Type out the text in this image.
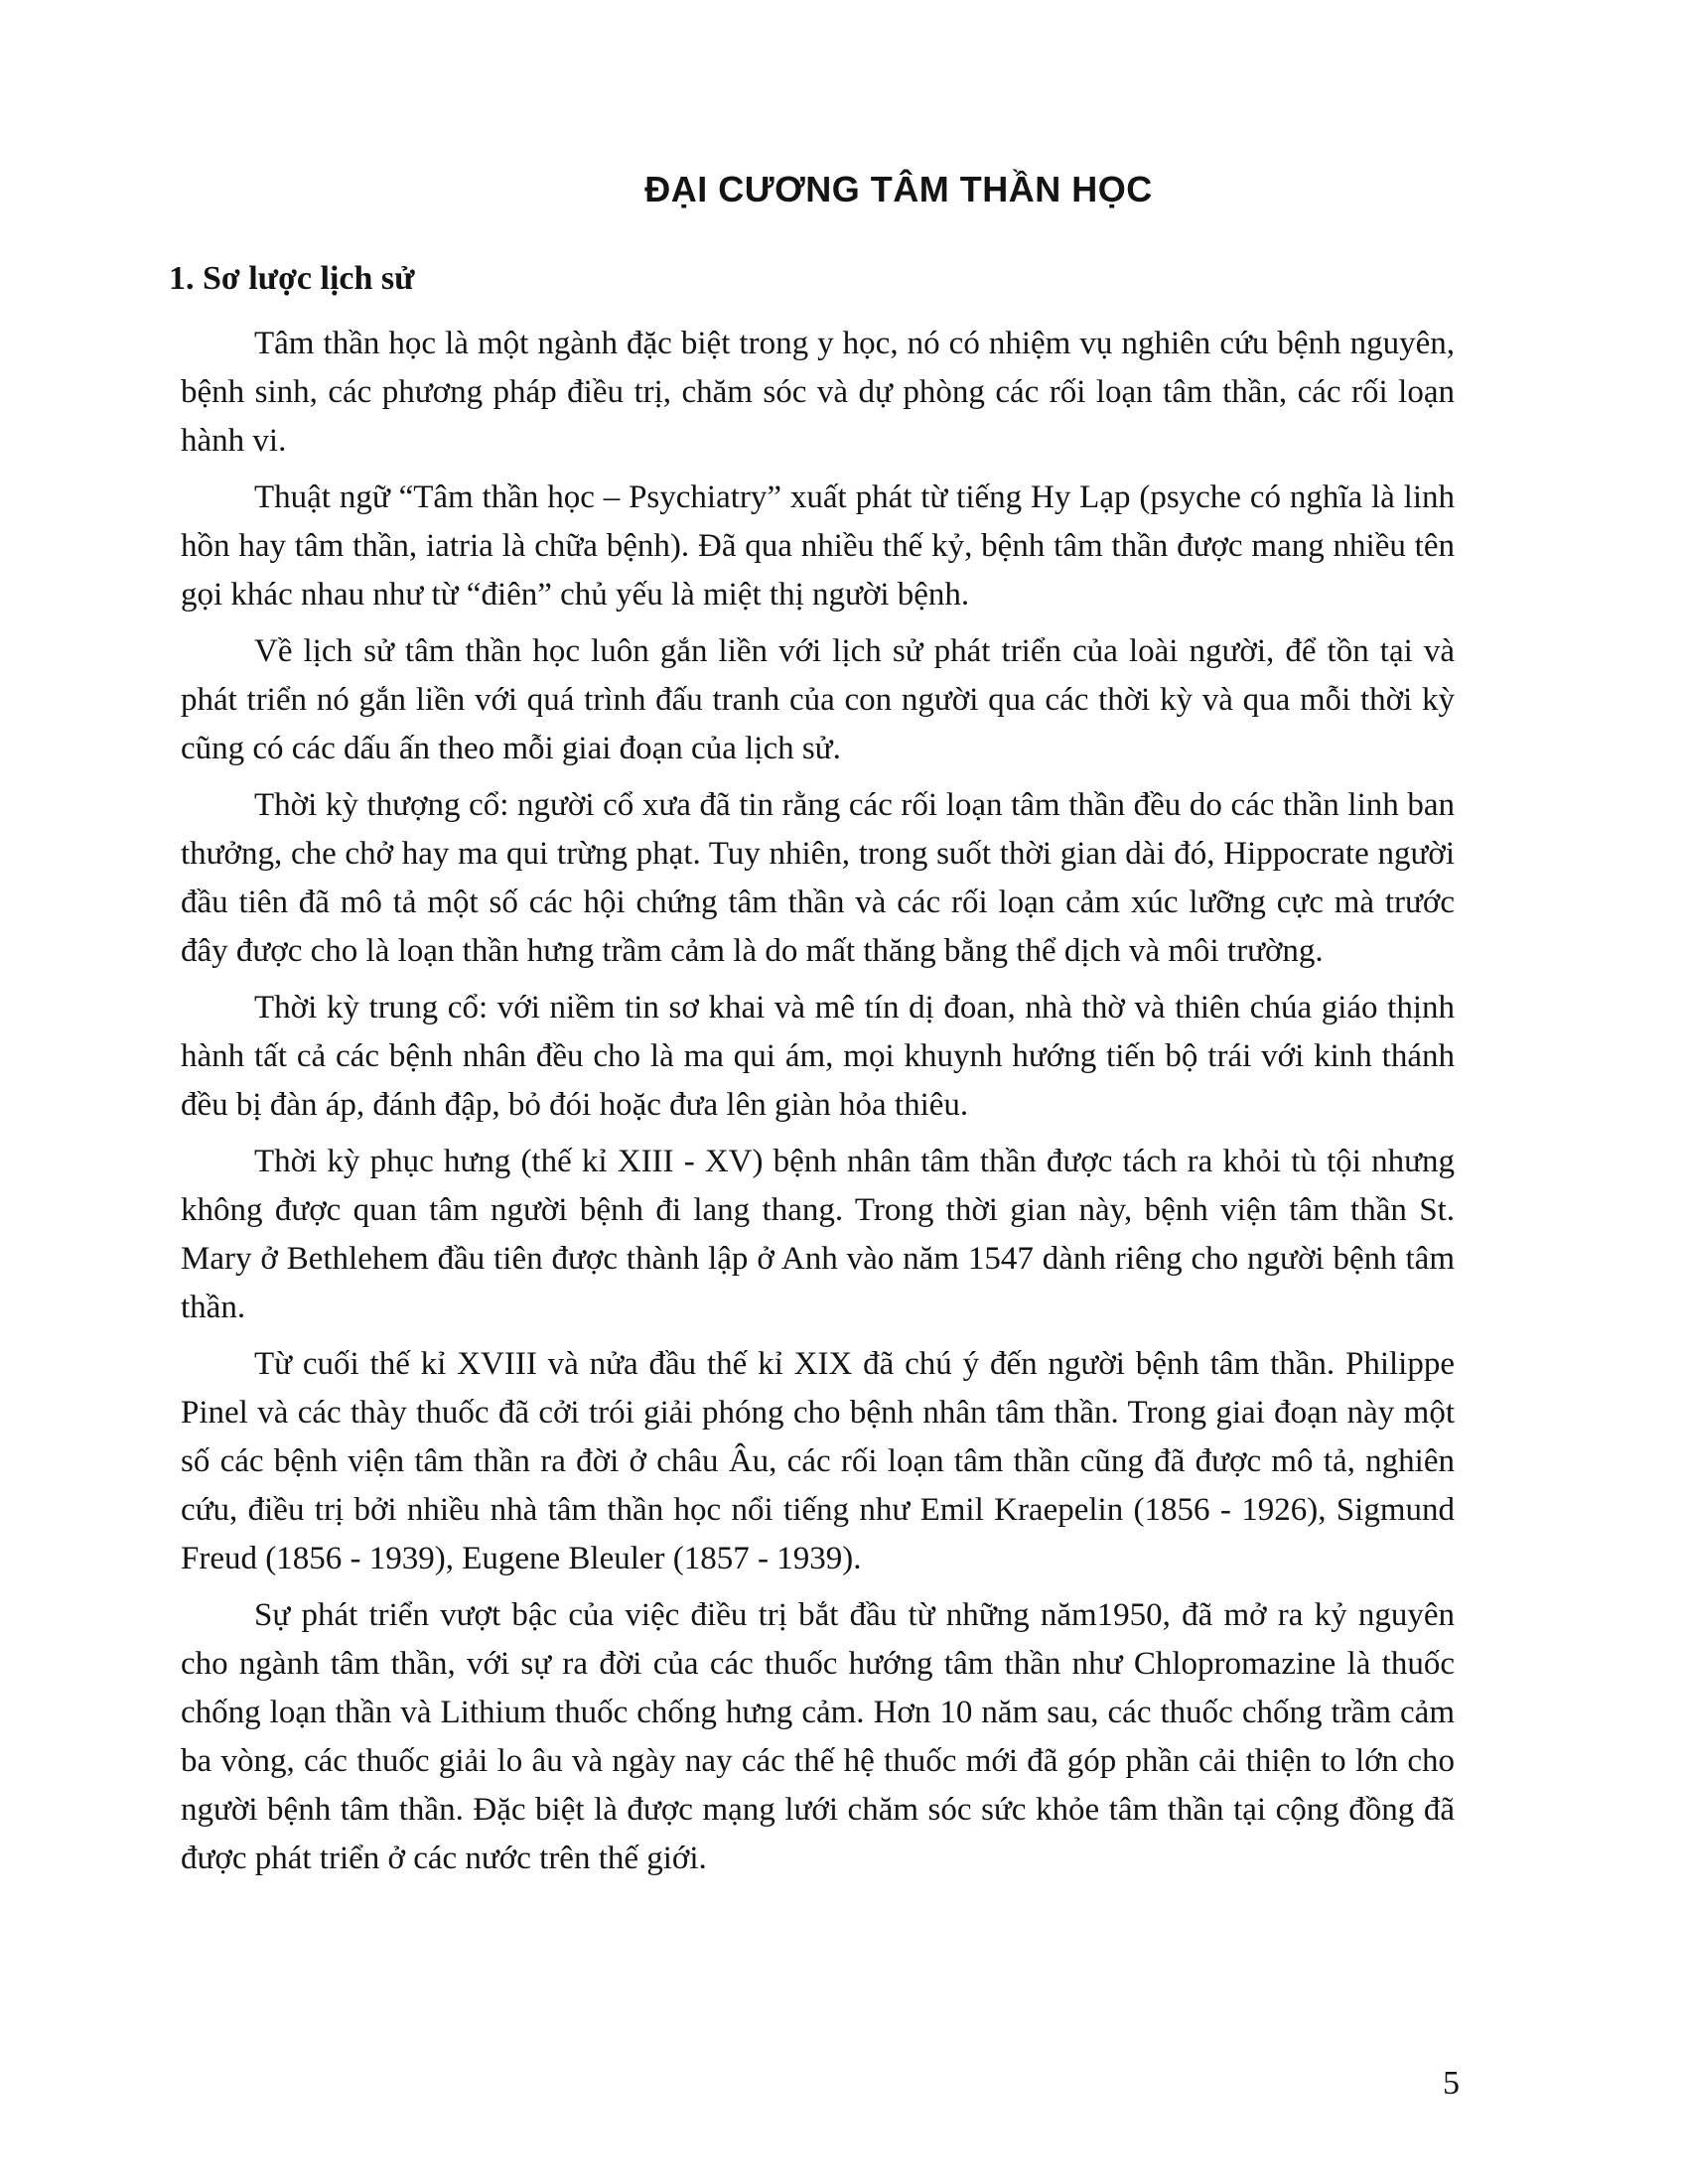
ĐẠI CƯƠNG TÂM THẦN HỌC
1. Sơ lược lịch sử

Tâm thần học là một ngành đặc biệt trong y học, nó có nhiệm vụ nghiên cứu bệnh nguyên, bệnh sinh, các phương pháp điều trị, chăm sóc và dự phòng các rối loạn tâm thần, các rối loạn hành vi.

Thuật ngữ “Tâm thần học – Psychiatry” xuất phát từ tiếng Hy Lạp (psyche có nghĩa là linh hồn hay tâm thần, iatria là chữa bệnh). Đã qua nhiều thế kỷ, bệnh tâm thần được mang nhiều tên gọi khác nhau như từ “điên” chủ yếu là miệt thị người bệnh.

Về lịch sử tâm thần học luôn gắn liền với lịch sử phát triển của loài người, để tồn tại và phát triển nó gắn liền với quá trình đấu tranh của con người qua các thời kỳ và qua mỗi thời kỳ cũng có các dấu ấn theo mỗi giai đoạn của lịch sử.

Thời kỳ thượng cổ: người cổ xưa đã tin rằng các rối loạn tâm thần đều do các thần linh ban thưởng, che chở hay ma qui trừng phạt. Tuy nhiên, trong suốt thời gian dài đó, Hippocrate người đầu tiên đã mô tả một số các hội chứng tâm thần và các rối loạn cảm xúc lưỡng cực mà trước đây được cho là loạn thần hưng trầm cảm là do mất thăng bằng thể dịch và môi trường.

Thời kỳ trung cổ: với niềm tin sơ khai và mê tín dị đoan, nhà thờ và thiên chúa giáo thịnh hành tất cả các bệnh nhân đều cho là ma qui ám, mọi khuynh hướng tiến bộ trái với kinh thánh đều bị đàn áp, đánh đập, bỏ đói hoặc đưa lên giàn hỏa thiêu.

Thời kỳ phục hưng (thế kỉ XIII - XV) bệnh nhân tâm thần được tách ra khỏi tù tội nhưng không được quan tâm người bệnh đi lang thang. Trong thời gian này, bệnh viện tâm thần St. Mary ở Bethlehem đầu tiên được thành lập ở Anh vào năm 1547 dành riêng cho người bệnh tâm thần.

Từ cuối thế kỉ XVIII và nửa đầu thế kỉ XIX đã chú ý đến người bệnh tâm thần. Philippe Pinel và các thày thuốc đã cởi trói giải phóng cho bệnh nhân tâm thần. Trong giai đoạn này một số các bệnh viện tâm thần ra đời ở châu Âu, các rối loạn tâm thần cũng đã được mô tả, nghiên cứu, điều trị bởi nhiều nhà tâm thần học nổi tiếng như Emil Kraepelin (1856 - 1926), Sigmund Freud (1856 - 1939), Eugene Bleuler (1857 - 1939).

Sự phát triển vượt bậc của việc điều trị bắt đầu từ những năm1950, đã mở ra kỷ nguyên cho ngành tâm thần, với sự ra đời của các thuốc hướng tâm thần như Chlopromazine là thuốc chống loạn thần và Lithium thuốc chống hưng cảm. Hơn 10 năm sau, các thuốc chống trầm cảm ba vòng, các thuốc giải lo âu và ngày nay các thế hệ thuốc mới đã góp phần cải thiện to lớn cho người bệnh tâm thần. Đặc biệt là được mạng lưới chăm sóc sức khỏe tâm thần tại cộng đồng đã được phát triển ở các nước trên thế giới.

5
